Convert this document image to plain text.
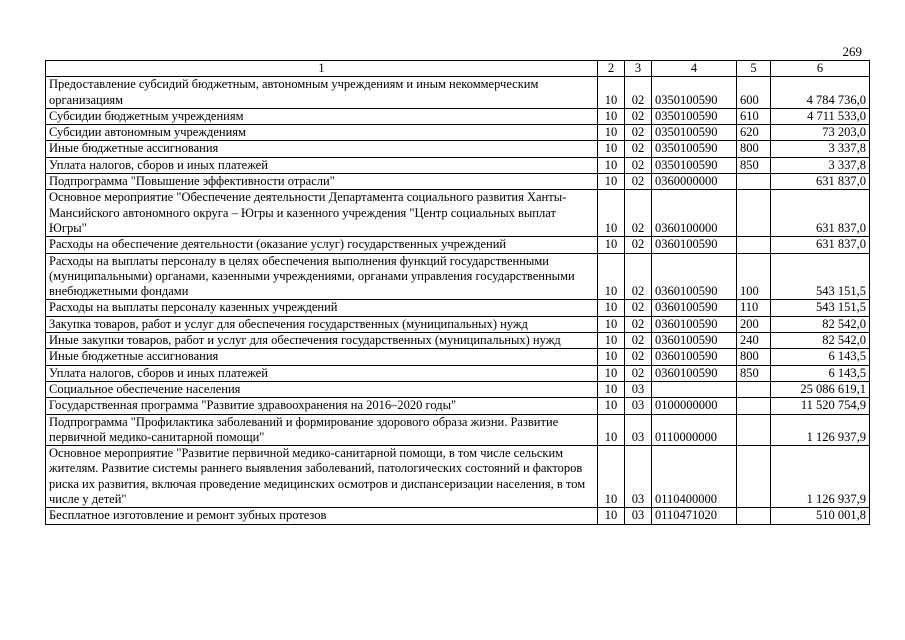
269
1	2	3	4	5	6
Предоставление субсидий бюджетным, автономным учреждениям и иным некоммерческим организациям	10	02	0350100590	600	4 784 736,0
Субсидии бюджетным учреждениям	10	02	0350100590	610	4 711 533,0
Субсидии автономным учреждениям	10	02	0350100590	620	73 203,0
Иные бюджетные ассигнования	10	02	0350100590	800	3 337,8
Уплата налогов, сборов и иных платежей	10	02	0350100590	850	3 337,8
Подпрограмма "Повышение эффективности отрасли"	10	02	0360000000		631 837,0
Основное мероприятие "Обеспечение деятельности Департамента социального развития Ханты-Мансийского автономного округа – Югры и казенного учреждения "Центр социальных выплат Югры"	10	02	0360100000		631 837,0
Расходы на обеспечение деятельности (оказание услуг) государственных учреждений	10	02	0360100590		631 837,0
Расходы на выплаты персоналу в целях обеспечения выполнения функций государственными (муниципальными) органами, казенными учреждениями, органами управления государственными внебюджетными фондами	10	02	0360100590	100	543 151,5
Расходы на выплаты персоналу казенных учреждений	10	02	0360100590	110	543 151,5
Закупка товаров, работ и услуг для обеспечения государственных (муниципальных) нужд	10	02	0360100590	200	82 542,0
Иные закупки товаров, работ и услуг для обеспечения государственных (муниципальных) нужд	10	02	0360100590	240	82 542,0
Иные бюджетные ассигнования	10	02	0360100590	800	6 143,5
Уплата налогов, сборов и иных платежей	10	02	0360100590	850	6 143,5
Социальное обеспечение населения	10	03			25 086 619,1
Государственная программа "Развитие здравоохранения на 2016–2020 годы"	10	03	0100000000		11 520 754,9
Подпрограмма "Профилактика заболеваний и формирование здорового образа жизни. Развитие первичной медико-санитарной помощи"	10	03	0110000000		1 126 937,9
Основное мероприятие "Развитие первичной медико-санитарной помощи, в том числе сельским жителям. Развитие системы раннего выявления заболеваний, патологических состояний и факторов риска их развития, включая проведение медицинских осмотров и диспансеризации населения, в том числе у детей"	10	03	0110400000		1 126 937,9
Бесплатное изготовление и ремонт зубных протезов	10	03	0110471020		510 001,8
